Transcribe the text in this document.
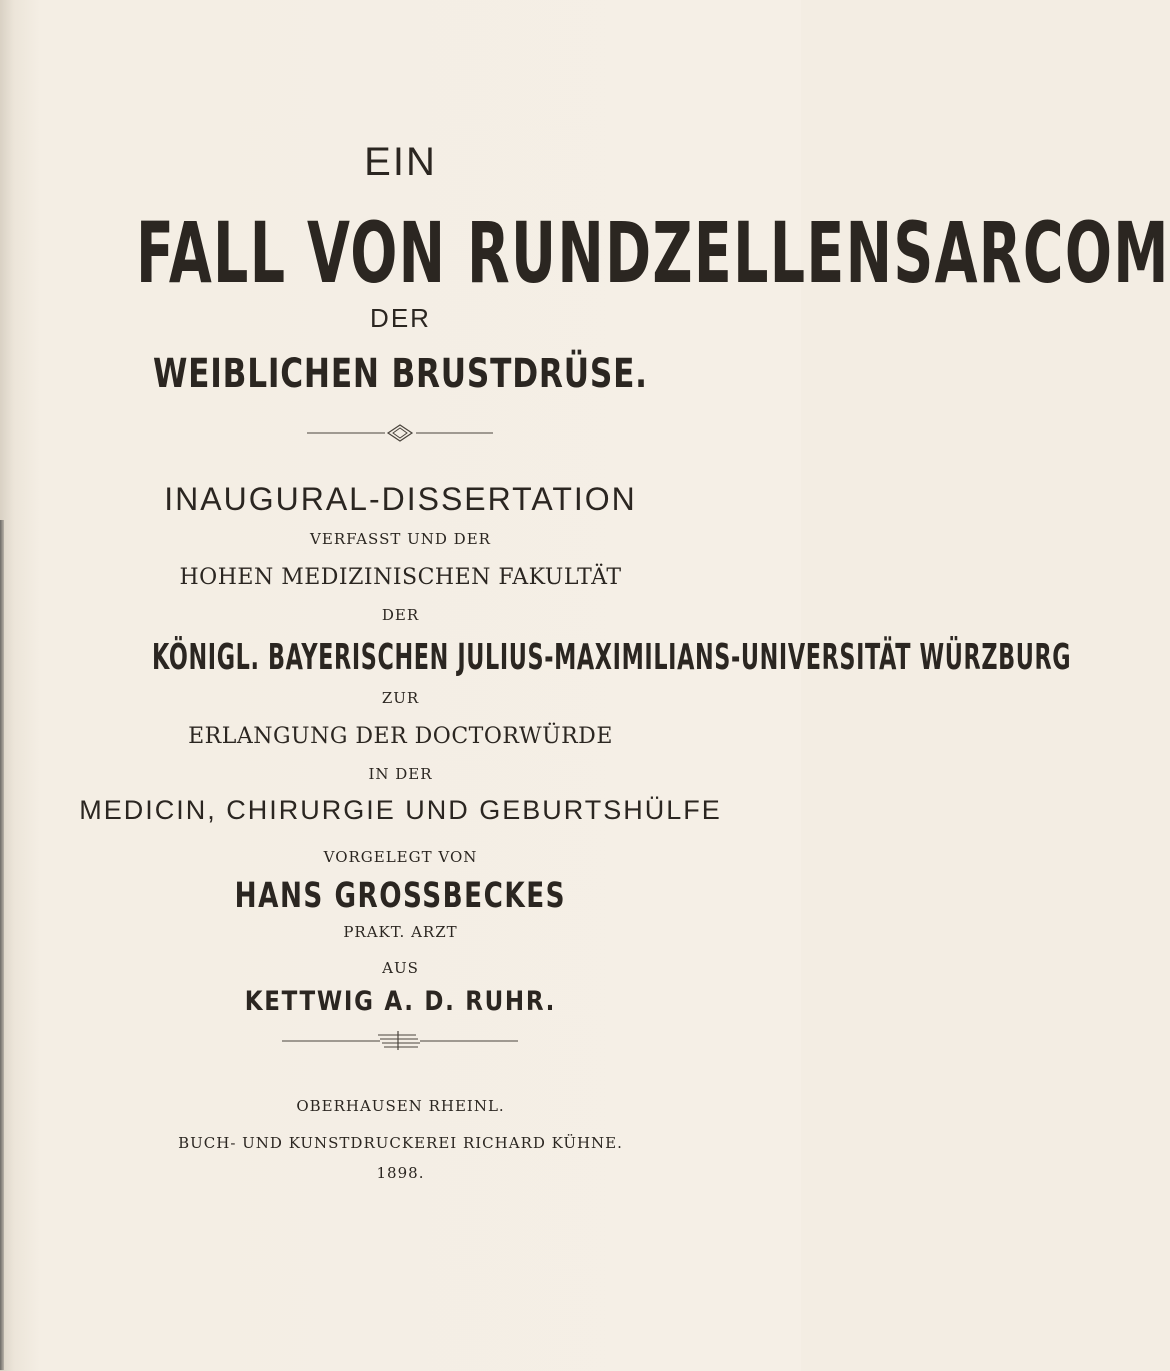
EIN
FALL VON RUNDZELLENSARCOM
DER
WEIBLICHEN BRUSTDRÜSE.
INAUGURAL-DISSERTATION
VERFASST UND DER
HOHEN MEDIZINISCHEN FAKULTÄT
DER
KÖNIGL. BAYERISCHEN JULIUS-MAXIMILIANS-UNIVERSITÄT WÜRZBURG
ZUR
ERLANGUNG DER DOCTORWÜRDE
IN DER
MEDICIN, CHIRURGIE UND GEBURTSHÜLFE
VORGELEGT VON
HANS GROSSBECKES
PRAKT. ARZT
AUS
KETTWIG A. D. RUHR.
OBERHAUSEN RHEINL.
BUCH- UND KUNSTDRUCKEREI RICHARD KÜHNE.
1898.
